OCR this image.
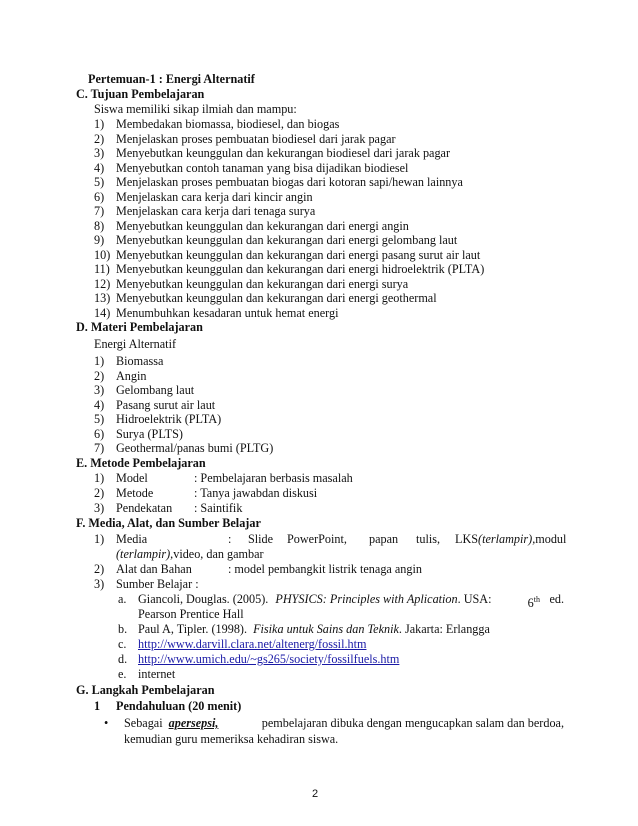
Pertemuan-1 : Energi Alternatif
C. Tujuan Pembelajaran
Siswa memiliki sikap ilmiah dan mampu:
1) Membedakan biomassa, biodiesel, dan biogas
2) Menjelaskan proses pembuatan biodiesel dari jarak pagar
3) Menyebutkan keunggulan dan kekurangan biodiesel dari jarak pagar
4) Menyebutkan contoh tanaman yang bisa dijadikan biodiesel
5) Menjelaskan proses pembuatan biogas dari kotoran sapi/hewan lainnya
6) Menjelaskan cara kerja dari kincir angin
7) Menjelaskan cara kerja dari tenaga surya
8) Menyebutkan keunggulan dan kekurangan dari energi angin
9) Menyebutkan keunggulan dan kekurangan dari energi gelombang laut
10) Menyebutkan keunggulan dan kekurangan dari energi pasang surut air laut
11) Menyebutkan keunggulan dan kekurangan dari energi hidroelektrik (PLTA)
12) Menyebutkan keunggulan dan kekurangan dari energi surya
13) Menyebutkan keunggulan dan kekurangan dari energi geothermal
14) Menumbuhkan kesadaran untuk hemat energi
D. Materi Pembelajaran
Energi Alternatif
1) Biomassa
2) Angin
3) Gelombang laut
4) Pasang surut air laut
5) Hidroelektrik (PLTA)
6) Surya (PLTS)
7) Geothermal/panas bumi (PLTG)
E. Metode Pembelajaran
1) Model	: Pembelajaran berbasis masalah
2) Metode	: Tanya jawabdan diskusi
3) Pendekatan : Saintifik
F. Media, Alat, dan Sumber Belajar
1) Media	: Slide PowerPoint, papan tulis, LKS(terlampir),modul
(terlampir),video, dan gambar
2) Alat dan Bahan	: model pembangkit listrik tenaga angin
3) Sumber Belajar :
a. Giancoli, Douglas. (2005). PHYSICS: Principles with Aplication. USA:	6th ed.
Pearson Prentice Hall
b. Paul A, Tipler. (1998). Fisika untuk Sains dan Teknik. Jakarta: Erlangga
c. http://www.darvill.clara.net/altenerg/fossil.htm
d. http://www.umich.edu/~gs265/society/fossilfuels.htm
e. internet
G. Langkah Pembelajaran
1 Pendahuluan (20 menit)
• Sebagai apersepsi,	pembelajaran dibuka dengan mengucapkan salam dan berdoa,
kemudian guru memeriksa kehadiran siswa.
2
